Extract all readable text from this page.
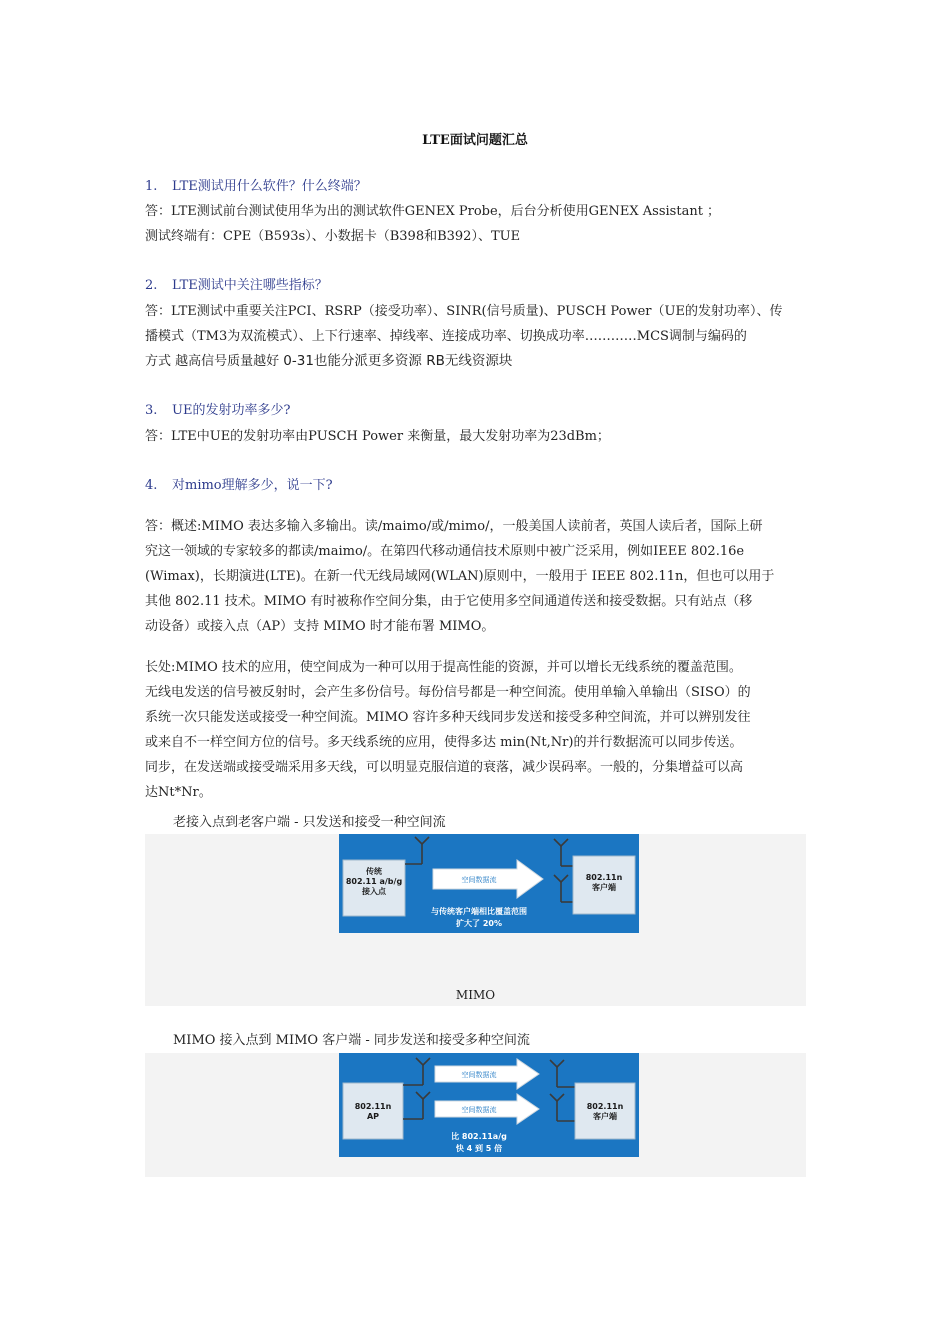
LTE面试问题汇总
1. LTE测试用什么软件？什么终端？
答：LTE测试前台测试使用华为出的测试软件GENEX Probe，后台分析使用GENEX Assistant ；
测试终端有：CPE（B593s）、小数据卡（B398和B392）、TUE
2. LTE测试中关注哪些指标？
答：LTE测试中重要关注PCI、RSRP（接受功率）、SINR(信号质量)、PUSCH Power（UE的发射功率）、传
播模式（TM3为双流模式）、上下行速率、掉线率、连接成功率、切换成功率…………MCS调制与编码的
方式 越高信号质量越好 0-31也能分派更多资源 RB无线资源块
3. UE的发射功率多少?
答：LTE中UE的发射功率由PUSCH Power 来衡量，最大发射功率为23dBm；
4. 对mimo理解多少，说一下?
答：概述:MIMO 表达多输入多输出。读/maimo/或/mimo/，一般美国人读前者，英国人读后者，国际上研
究这一领域的专家较多的都读/maimo/。在第四代移动通信技术原则中被广泛采用，例如IEEE 802.16e
(Wimax)，长期演进(LTE)。在新一代无线局域网(WLAN)原则中，一般用于 IEEE 802.11n，但也可以用于
其他 802.11 技术。MIMO 有时被称作空间分集，由于它使用多空间通道传送和接受数据。只有站点（移
动设备）或接入点（AP）支持 MIMO 时才能布署 MIMO。
长处:MIMO 技术的应用，使空间成为一种可以用于提高性能的资源，并可以增长无线系统的覆盖范围。
无线电发送的信号被反射时，会产生多份信号。每份信号都是一种空间流。使用单输入单输出（SISO）的
系统一次只能发送或接受一种空间流。MIMO 容许多种天线同步发送和接受多种空间流，并可以辨别发往
或来自不一样空间方位的信号。多天线系统的应用，使得多达 min(Nt,Nr)的并行数据流可以同步传送。
同步，在发送端或接受端采用多天线，可以明显克服信道的衰落，减少误码率。一般的，分集增益可以高
达Nt*Nr。
老接入点到老客户端 - 只发送和接受一种空间流
传统
802.11 a/b/g
接入点
802.11n
客户端
空间数据流
与传统客户端相比覆盖范围
扩大了 20%
MIMO
MIMO 接入点到 MIMO 客户端 - 同步发送和接受多种空间流
802.11n
AP
802.11n
客户端
空间数据流
空间数据流
比 802.11a/g
快 4 到 5 倍
